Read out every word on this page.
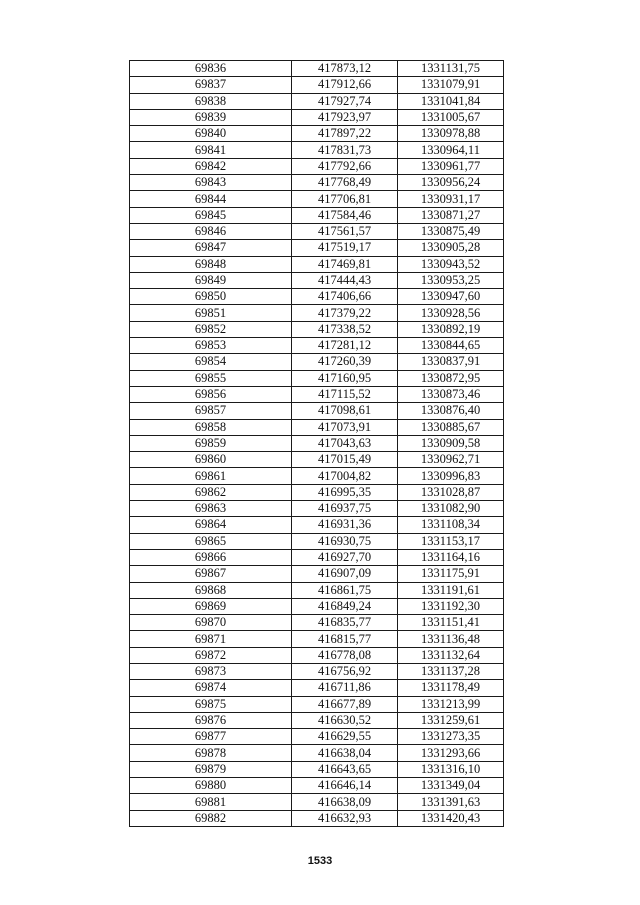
69836	417873,12	1331131,75
69837	417912,66	1331079,91
69838	417927,74	1331041,84
69839	417923,97	1331005,67
69840	417897,22	1330978,88
69841	417831,73	1330964,11
69842	417792,66	1330961,77
69843	417768,49	1330956,24
69844	417706,81	1330931,17
69845	417584,46	1330871,27
69846	417561,57	1330875,49
69847	417519,17	1330905,28
69848	417469,81	1330943,52
69849	417444,43	1330953,25
69850	417406,66	1330947,60
69851	417379,22	1330928,56
69852	417338,52	1330892,19
69853	417281,12	1330844,65
69854	417260,39	1330837,91
69855	417160,95	1330872,95
69856	417115,52	1330873,46
69857	417098,61	1330876,40
69858	417073,91	1330885,67
69859	417043,63	1330909,58
69860	417015,49	1330962,71
69861	417004,82	1330996,83
69862	416995,35	1331028,87
69863	416937,75	1331082,90
69864	416931,36	1331108,34
69865	416930,75	1331153,17
69866	416927,70	1331164,16
69867	416907,09	1331175,91
69868	416861,75	1331191,61
69869	416849,24	1331192,30
69870	416835,77	1331151,41
69871	416815,77	1331136,48
69872	416778,08	1331132,64
69873	416756,92	1331137,28
69874	416711,86	1331178,49
69875	416677,89	1331213,99
69876	416630,52	1331259,61
69877	416629,55	1331273,35
69878	416638,04	1331293,66
69879	416643,65	1331316,10
69880	416646,14	1331349,04
69881	416638,09	1331391,63
69882	416632,93	1331420,43
1533
